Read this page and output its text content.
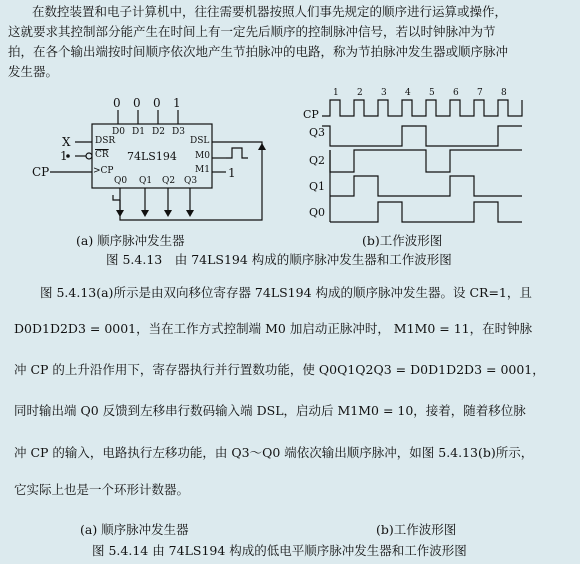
在数控装置和电子计算机中，往往需要机器按照人们事先规定的顺序进行运算或操作，
这就要求其控制部分能产生在时间上有一定先后顺序的控制脉冲信号，若以时钟脉冲为节
拍，在各个输出端按时间顺序依次地产生节拍脉冲的电路，称为节拍脉冲发生器或顺序脉冲
发生器。
0 0 0 1
D0 D1 D2 D3
DSR
$\overline{CR}$
>CP
DSL
M0
M1
74LS194
Q0 Q1 Q2 Q3
X
1
CP	1
1 2 3 4 5 6 7 8
CP
Q3
Q2
Q1
Q0
(a) 顺序脉冲发生器	(b)工作波形图
图 5.4.13　由 74LS194 构成的顺序脉冲发生器和工作波形图
图 5.4.13(a)所示是由双向移位寄存器 74LS194 构成的顺序脉冲发生器。设 CR=1，且
D0D1D2D3 = 0001，当在工作方式控制端 M0 加启动正脉冲时， M1M0 = 11，在时钟脉
冲 CP 的上升沿作用下，寄存器执行并行置数功能，使 Q0Q1Q2Q3 = D0D1D2D3 = 0001，
同时输出端 Q0 反馈到左移串行数码输入端 DSL，启动后 M1M0 = 10，接着，随着移位脉
冲 CP 的输入，电路执行左移功能，由 Q3～Q0 端依次输出顺序脉冲，如图 5.4.13(b)所示，
它实际上也是一个环形计数器。
(a) 顺序脉冲发生器	(b)工作波形图
图 5.4.14 由 74LS194 构成的低电平顺序脉冲发生器和工作波形图
